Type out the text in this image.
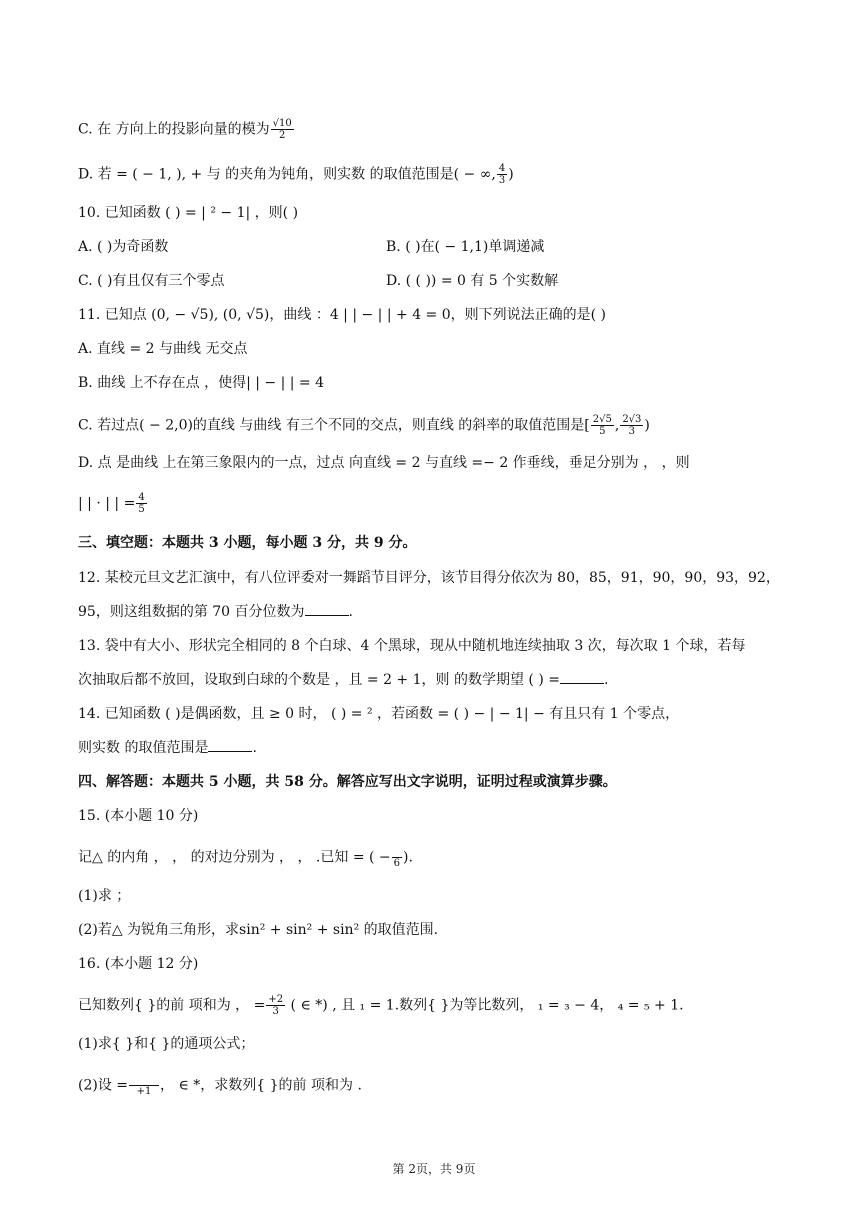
C. 在 方向上的投影向量的模为 $\frac{√10}{2}$
D. 若 = ( − 1, ), + 与 的夹角为钝角，则实数 的取值范围是( − ∞, $\frac{4}{3}$ )
10. 已知函数 ( ) = | ² − 1| ，则( )
A. ( )为奇函数	B. ( )在( − 1,1)单调递减
C. ( )有且仅有三个零点	D. ( ( )) = 0 有 5 个实数解
11. 已知点 (0, − √5), (0, √5)，曲线 ：4 | | − | | + 4 = 0，则下列说法正确的是( )
A. 直线 = 2 与曲线 无交点
B. 曲线 上不存在点 ，使得| | − | | = 4
C. 若过点( − 2,0)的直线 与曲线 有三个不同的交点，则直线 的斜率的取值范围是[ $\frac{2√5}{5}$ , $\frac{2√3}{3}$ )
D. 点 是曲线 上在第三象限内的一点，过点 向直线 = 2 与直线 =− 2 作垂线，垂足分别为 ， ，则
| | · | | = $\frac{4}{5}$
三、填空题：本题共 3 小题，每小题 3 分，共 9 分。
12. 某校元旦文艺汇演中，有八位评委对一舞蹈节目评分，该节目得分依次为 80，85，91，90，90，93，92，
95，则这组数据的第 70 百分位数为	.
13. 袋中有大小、形状完全相同的 8 个白球、4 个黑球，现从中随机地连续抽取 3 次，每次取 1 个球，若每
次抽取后都不放回，设取到白球的个数是 ，且 = 2 + 1，则 的数学期望 ( ) =	.
14. 已知函数 ( )是偶函数，且 ≥ 0 时， ( ) = ² ，若函数 = ( ) − | − 1| − 有且只有 1 个零点，
则实数 的取值范围是	.
四、解答题：本题共 5 小题，共 58 分。解答应写出文字说明，证明过程或演算步骤。
15. (本小题 10 分)
记△ 的内角 ， ， 的对边分别为 ， ， .已知 = ( −
6 ).
(1)求 ；
(2)若△ 为锐角三角形，求sin² + sin² + sin² 的取值范围.
16. (本小题 12 分)
已知数列{ }的前 项和为 ， = $\frac{+2}{3}$ ( ∈ *) , 且 ₁ = 1.数列{ }为等比数列， ₁ = ₃ − 4， ₄ = ₅ + 1.
(1)求{ }和{ }的通项公式；
(2)设 =
+1 ， ∈ *，求数列{ }的前 项和为 .
第 2页，共 9页
